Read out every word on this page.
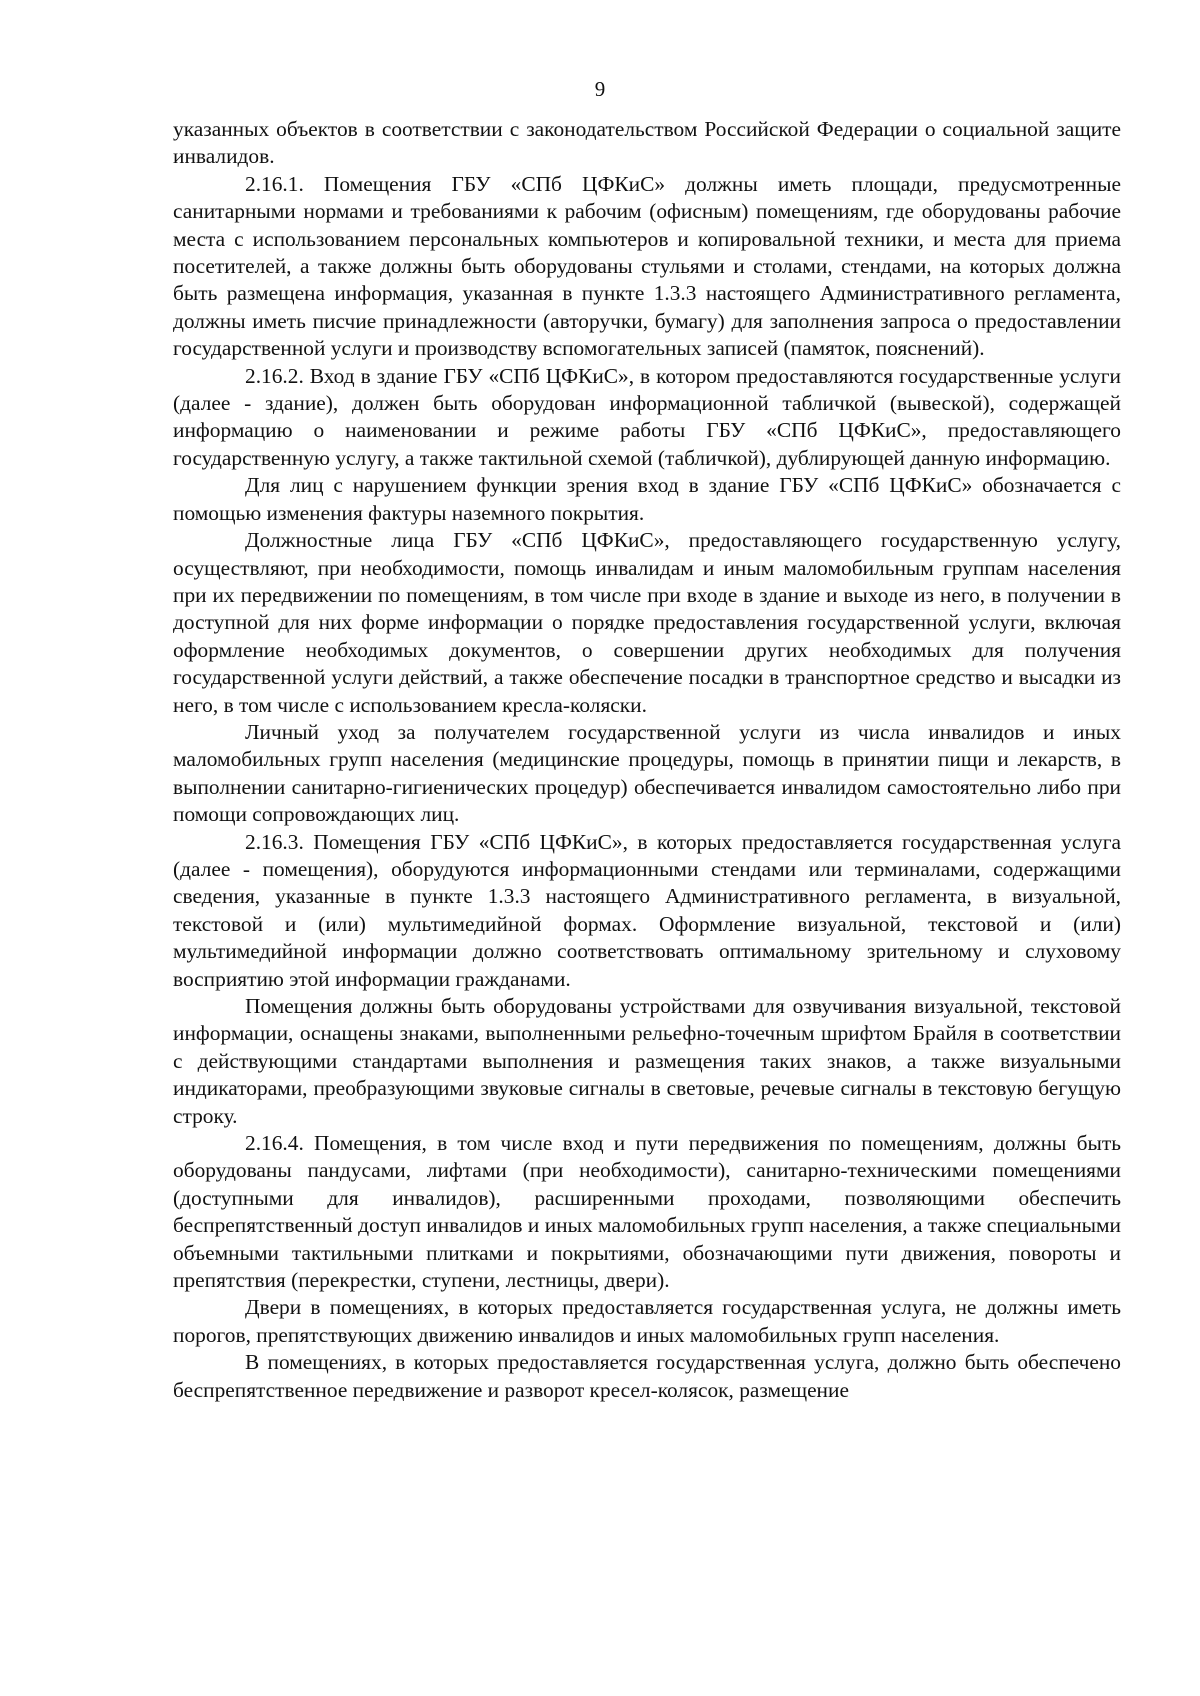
9

указанных объектов в соответствии с законодательством Российской Федерации о социальной защите инвалидов.

2.16.1. Помещения ГБУ «СПб ЦФКиС» должны иметь площади, предусмотренные санитарными нормами и требованиями к рабочим (офисным) помещениям, где оборудованы рабочие места с использованием персональных компьютеров и копировальной техники, и места для приема посетителей, а также должны быть оборудованы стульями и столами, стендами, на которых должна быть размещена информация, указанная в пункте 1.3.3 настоящего Административного регламента, должны иметь писчие принадлежности (авторучки, бумагу) для заполнения запроса о предоставлении государственной услуги и производству вспомогательных записей (памяток, пояснений).

2.16.2. Вход в здание ГБУ «СПб ЦФКиС», в котором предоставляются государственные услуги (далее - здание), должен быть оборудован информационной табличкой (вывеской), содержащей информацию о наименовании и режиме работы ГБУ «СПб ЦФКиС», предоставляющего государственную услугу, а также тактильной схемой (табличкой), дублирующей данную информацию.

Для лиц с нарушением функции зрения вход в здание ГБУ «СПб ЦФКиС» обозначается с помощью изменения фактуры наземного покрытия.

Должностные лица ГБУ «СПб ЦФКиС», предоставляющего государственную услугу, осуществляют, при необходимости, помощь инвалидам и иным маломобильным группам населения при их передвижении по помещениям, в том числе при входе в здание и выходе из него, в получении в доступной для них форме информации о порядке предоставления государственной услуги, включая оформление необходимых документов, о совершении других необходимых для получения государственной услуги действий, а также обеспечение посадки в транспортное средство и высадки из него, в том числе с использованием кресла-коляски.

Личный уход за получателем государственной услуги из числа инвалидов и иных маломобильных групп населения (медицинские процедуры, помощь в принятии пищи и лекарств, в выполнении санитарно-гигиенических процедур) обеспечивается инвалидом самостоятельно либо при помощи сопровождающих лиц.

2.16.3. Помещения ГБУ «СПб ЦФКиС», в которых предоставляется государственная услуга (далее - помещения), оборудуются информационными стендами или терминалами, содержащими сведения, указанные в пункте 1.3.3 настоящего Административного регламента, в визуальной, текстовой и (или) мультимедийной формах. Оформление визуальной, текстовой и (или) мультимедийной информации должно соответствовать оптимальному зрительному и слуховому восприятию этой информации гражданами.

Помещения должны быть оборудованы устройствами для озвучивания визуальной, текстовой информации, оснащены знаками, выполненными рельефно-точечным шрифтом Брайля в соответствии с действующими стандартами выполнения и размещения таких знаков, а также визуальными индикаторами, преобразующими звуковые сигналы в световые, речевые сигналы в текстовую бегущую строку.

2.16.4. Помещения, в том числе вход и пути передвижения по помещениям, должны быть оборудованы пандусами, лифтами (при необходимости), санитарно-техническими помещениями (доступными для инвалидов), расширенными проходами, позволяющими обеспечить беспрепятственный доступ инвалидов и иных маломобильных групп населения, а также специальными объемными тактильными плитками и покрытиями, обозначающими пути движения, повороты и препятствия (перекрестки, ступени, лестницы, двери).

Двери в помещениях, в которых предоставляется государственная услуга, не должны иметь порогов, препятствующих движению инвалидов и иных маломобильных групп населения.

В помещениях, в которых предоставляется государственная услуга, должно быть обеспечено беспрепятственное передвижение и разворот кресел-колясок, размещение
